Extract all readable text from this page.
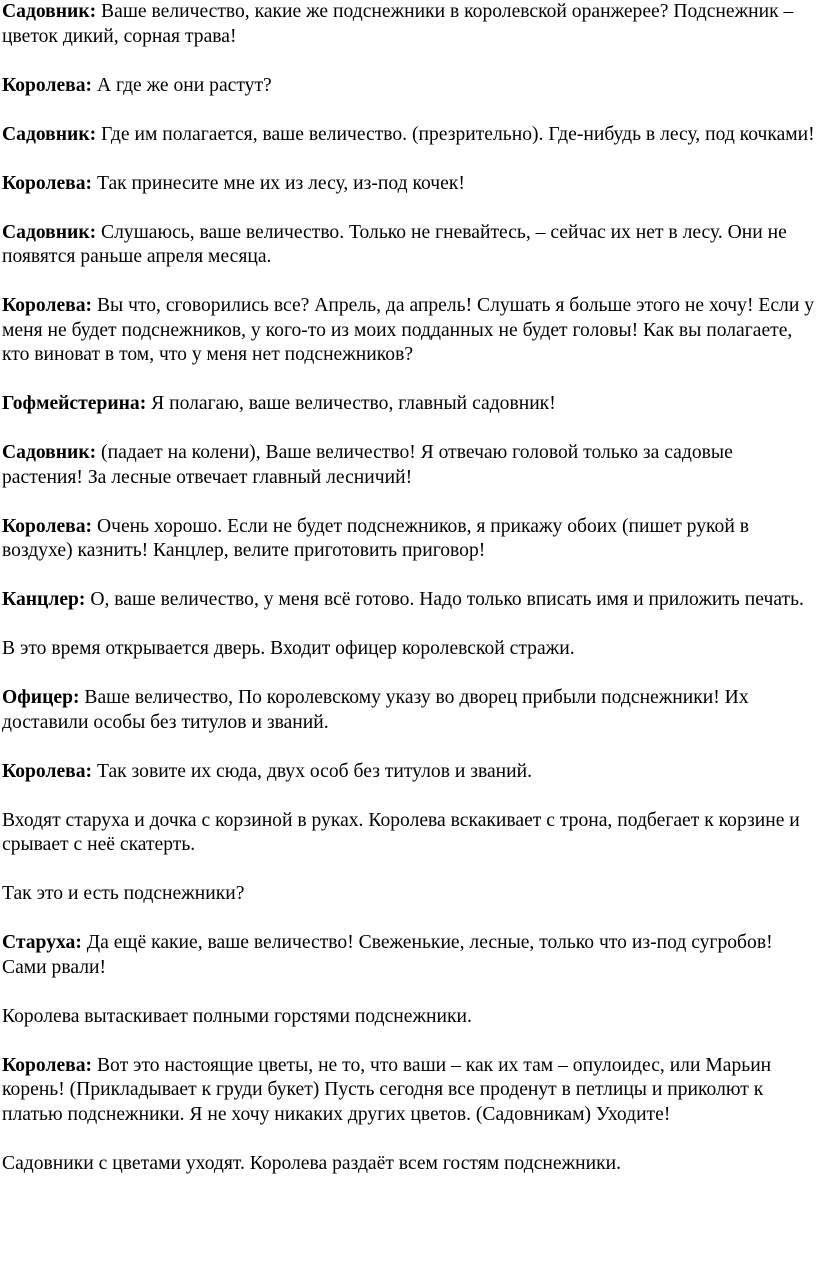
Садовник: Ваше величество, какие же подснежники в королевской оранжерее? Подснежник – цветок дикий, сорная трава!

Королева: А где же они растут?

Садовник: Где им полагается, ваше величество. (презрительно). Где-нибудь в лесу, под кочками!

Королева: Так принесите мне их из лесу, из-под кочек!

Садовник: Слушаюсь, ваше величество. Только не гневайтесь, – сейчас их нет в лесу. Они не появятся раньше апреля месяца.

Королева: Вы что, сговорились все? Апрель, да апрель! Слушать я больше этого не хочу! Если у меня не будет подснежников, у кого-то из моих подданных не будет головы! Как вы полагаете, кто виноват в том, что у меня нет подснежников?

Гофмейстерина: Я полагаю, ваше величество, главный садовник!

Садовник: (падает на колени), Ваше величество! Я отвечаю головой только за садовые растения! За лесные отвечает главный лесничий!

Королева: Очень хорошо. Если не будет подснежников, я прикажу обоих (пишет рукой в воздухе) казнить! Канцлер, велите приготовить приговор!

Канцлер: О, ваше величество, у меня всё готово. Надо только вписать имя и приложить печать.

В это время открывается дверь. Входит офицер королевской стражи.

Офицер: Ваше величество, По королевскому указу во дворец прибыли подснежники! Их доставили особы без титулов и званий.

Королева: Так зовите их сюда, двух особ без титулов и званий.

Входят старуха и дочка с корзиной в руках. Королева вскакивает с трона, подбегает к корзине и срывает с неё скатерть.

Так это и есть подснежники?

Старуха: Да ещё какие, ваше величество! Свеженькие, лесные, только что из-под сугробов! Сами рвали!

Королева вытаскивает полными горстями подснежники.

Королева: Вот это настоящие цветы, не то, что ваши – как их там – опулоидес, или Марьин корень! (Прикладывает к груди букет) Пусть сегодня все проденут в петлицы и приколют к платью подснежники. Я не хочу никаких других цветов. (Садовникам) Уходите!

Садовники с цветами уходят. Королева раздаёт всем гостям подснежники.
